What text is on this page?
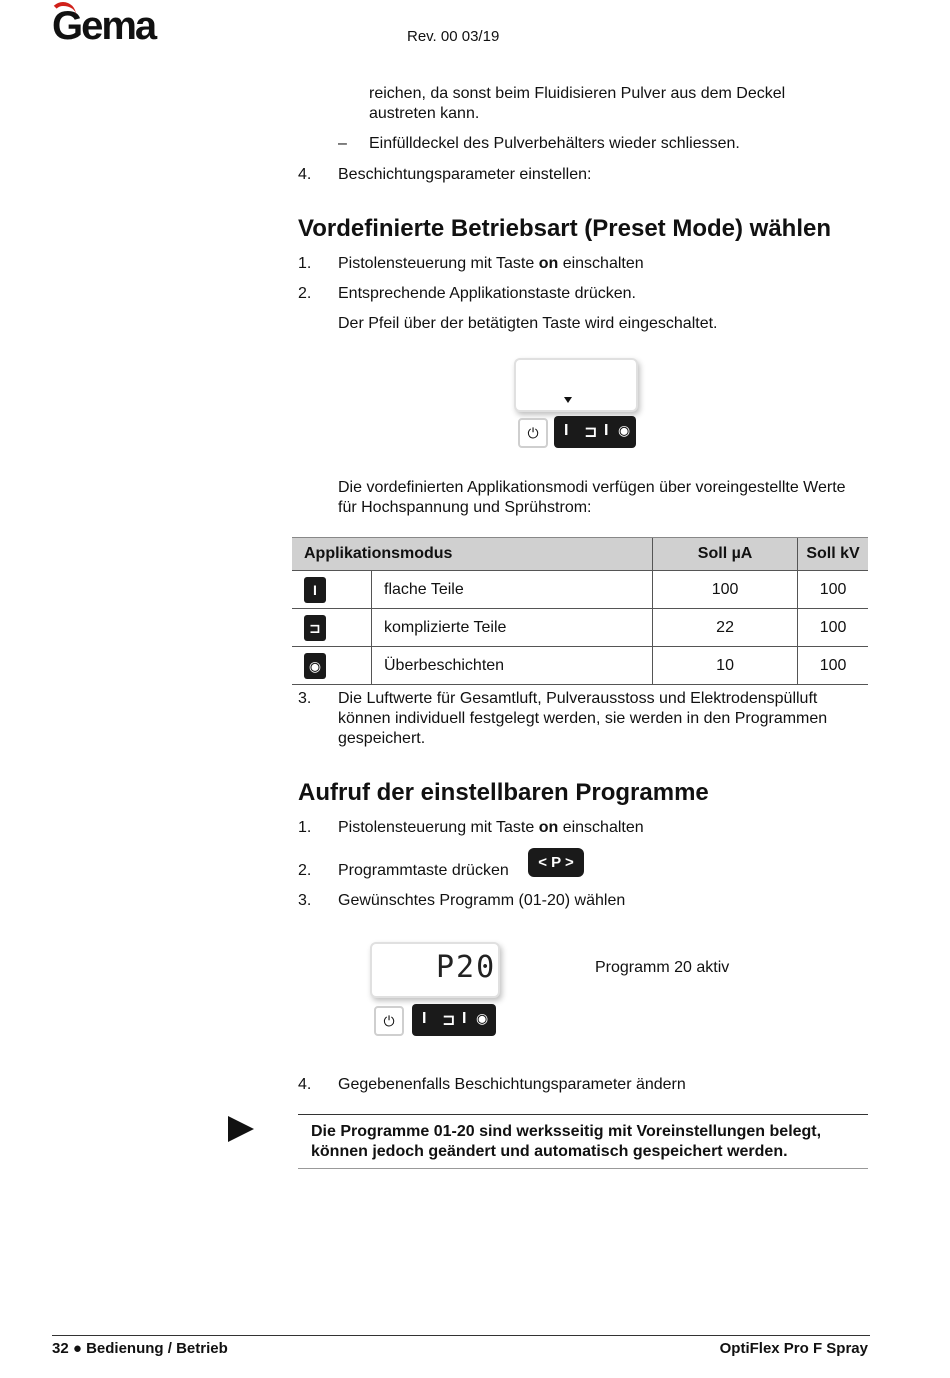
Gema	Rev. 00 03/19
reichen, da sonst beim Fluidisieren Pulver aus dem Deckel austreten kann.
– Einfülldeckel des Pulverbehälters wieder schliessen.
4. Beschichtungsparameter einstellen:
Vordefinierte Betriebsart (Preset Mode) wählen
1. Pistolensteuerung mit Taste on einschalten
2. Entsprechende Applikationstaste drücken.
Der Pfeil über der betätigten Taste wird eingeschaltet.
⏻	I ⊐ I ◉
Die vordefinierten Applikationsmodi verfügen über voreingestellte Werte für Hochspannung und Sprühstrom:
Applikationsmodus		Soll µA	Soll kV
I	flache Teile	100	100
⊐	komplizierte Teile	22	100
◉	Überbeschichten	10	100
3. Die Luftwerte für Gesamtluft, Pulverausstoss und Elektrodenspülluft können individuell festgelegt werden, sie werden in den Programmen gespeichert.
Aufruf der einstellbaren Programme
1. Pistolensteuerung mit Taste on einschalten
2. Programmtaste drücken	< P >
3. Gewünschtes Programm (01-20) wählen
P20
⏻	I ⊐ I ◉
Programm 20 aktiv
4. Gegebenenfalls Beschichtungsparameter ändern
Die Programme 01-20 sind werksseitig mit Voreinstellungen belegt, können jedoch geändert und automatisch gespeichert werden.
32 ● Bedienung / Betrieb	OptiFlex Pro F Spray
